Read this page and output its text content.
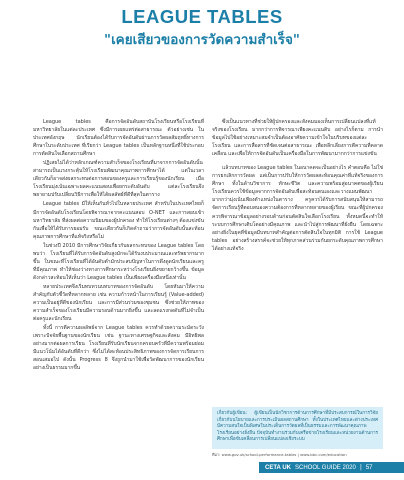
LEAGUE TABLES
"เคยเสียวของการวัดความสำเร็จ"

League tables คือการจัดอันดับสถาบันโรงเรียนหรือโรงเรียนที่มหาวิทยาลัยในแต่ละประเทศ ซึ่งมีการเผยแพร่ต่อสาธารณะ ตัวอย่างเช่น ในประเทศอังกฤษ นักเรียนต้องได้รับการจัดอันดับผ่านการวัดผลสัมฤทธิ์ทางการศึกษาในระดับประเทศ ที่เรียกว่า League tables เป็นหลักฐานหนึ่งที่ใช้ประกอบการตัดสินใจเลือกสถานศึกษา

ปฏิเสธไม่ได้ว่าหลักเกณฑ์ความสำเร็จของโรงเรียนที่มาจากการจัดอันดับนั้นสามารถเป็นแรงกระตุ้นให้โรงเรียนพัฒนาคุณภาพการศึกษาได้ แต่ในเวลาเดียวกันก็อาจส่งผลกระทบต่อการสอนของครูและการเรียนรู้ของนักเรียน เมื่อโรงเรียนมุ่งเน้นเฉพาะผลคะแนนสอบเพื่อยกระดับอันดับ แต่ละโรงเรียนจึงพยายามปรับเปลี่ยนวิธีการเพื่อให้ได้ผลลัพธ์ที่ดีที่สุดในตาราง

League tables มีให้เห็นกันทั่วไปในหลายประเทศ สำหรับในประเทศไทยก็มีการจัดอันดับโรงเรียนโดยพิจารณาจากคะแนนสอบ O-NET และการสอบเข้ามหาวิทยาลัย ที่ส่งผลต่อความนิยมของผู้ปกครอง ทำให้โรงเรียนต่างๆ ต้องแข่งขันกันเพื่อให้ได้รับการยอมรับ ขณะเดียวกันก็เกิดคำถามว่าการจัดอันดับนั้นสะท้อนคุณภาพการศึกษาที่แท้จริงหรือไม่

ในช่วงปี 2010 มีการศึกษาวิจัยเกี่ยวกับผลกระทบของ League tables โดยพบว่า โรงเรียนที่ได้รับการจัดอันดับสูงมักจะได้รับงบประมาณและทรัพยากรมากขึ้น ในขณะที่โรงเรียนที่ได้อันดับต่ำมักประสบปัญหาในการดึงดูดนักเรียนและครูที่มีคุณภาพ ทำให้ช่องว่างทางการศึกษาระหว่างโรงเรียนยิ่งขยายกว้างขึ้น ข้อมูลดังกล่าวสะท้อนให้เห็นว่า League tables เป็นเพียงเครื่องมือหนึ่งเท่านั้น

หลายประเทศจึงเริ่มทบทวนบทบาทของการจัดอันดับ โดยหันมาให้ความสำคัญกับตัวชี้วัดที่หลากหลาย เช่น ความก้าวหน้าในการเรียนรู้ (Value-added) ความเป็นอยู่ที่ดีของนักเรียน และการมีส่วนร่วมของชุมชน ซึ่งช่วยให้ภาพของความสำเร็จของโรงเรียนมีความรอบด้านมากยิ่งขึ้น และลดแรงกดดันที่ไม่จำเป็นต่อครูและนักเรียน

ทั้งนี้ การตีความผลลัพธ์จาก League tables ควรทำด้วยความระมัดระวัง เพราะปัจจัยพื้นฐานของนักเรียน เช่น ฐานะทางเศรษฐกิจและสังคม มีอิทธิพลอย่างมากต่อผลการเรียน โรงเรียนที่รับนักเรียนจากครอบครัวที่มีความพร้อมย่อมมีแนวโน้มได้อันดับที่ดีกว่า ซึ่งไม่ได้สะท้อนประสิทธิภาพของการจัดการเรียนการสอนเสมอไป ดังนั้น Progress 8 จึงถูกนำมาใช้เพื่อวัดพัฒนาการของนักเรียนอย่างเป็นธรรมมากขึ้น

ซึ่งเป็นแนวทางที่ช่วยให้ผู้ปกครองและสังคมมองเห็นการเปลี่ยนแปลงที่แท้จริงของโรงเรียน มากกว่าการพิจารณาเพียงคะแนนดิบ อย่างไรก็ตาม การนำข้อมูลไปใช้อย่างเหมาะสมจำเป็นต้องอาศัยความเข้าใจในบริบทของแต่ละโรงเรียน และการสื่อสารที่ชัดเจนต่อสาธารณะ เพื่อหลีกเลี่ยงการตีความที่คลาดเคลื่อน และเพื่อให้การจัดอันดับเป็นเครื่องมือในการพัฒนามากกว่าการแข่งขัน

แล้วบทบาทของ League tables ในอนาคตจะเป็นอย่างไร คำตอบคือ ไม่ใช่การยกเลิกการวัดผล แต่เป็นการปรับให้การวัดผลสะท้อนคุณค่าที่แท้จริงของการศึกษา ทั้งในด้านวิชาการ ทักษะชีวิต และความพร้อมสู่อนาคตของผู้เรียน โรงเรียนควรใช้ข้อมูลจากการจัดอันดับเพื่อสะท้อนตนเองและวางแผนพัฒนา มากกว่ามุ่งเน้นเพียงตำแหน่งในตาราง ครูควรได้รับการสนับสนุนให้สามารถจัดการเรียนรู้ที่ตอบสนองความต้องการที่หลากหลายของผู้เรียน ขณะที่ผู้ปกครองควรพิจารณาข้อมูลอย่างรอบด้านก่อนตัดสินใจเลือกโรงเรียน ทั้งหมดนี้จะทำให้ระบบการศึกษาเติบโตอย่างมีคุณภาพ และนำไปสู่การพัฒนาที่ยั่งยืน โดยเฉพาะอย่างยิ่งในยุคที่ข้อมูลมีบทบาทสำคัญต่อการตัดสินใจในทุกมิติ การใช้ League tables อย่างสร้างสรรค์จะช่วยให้ทุกภาคส่วนร่วมกันยกระดับคุณภาพการศึกษาได้อย่างแท้จริง

เกี่ยวกับผู้เขียน: ผู้เขียนเป็นนักวิชาการด้านการศึกษาที่มีประสบการณ์ในการวิจัยเกี่ยวกับนโยบายและการประเมินผลสถานศึกษา ทั้งในประเทศไทยและต่างประเทศ มีความสนใจเป็นพิเศษในประเด็นการวัดผลที่เป็นธรรมและการพัฒนาคุณภาพโรงเรียนอย่างยั่งยืน ปัจจุบันทำงานร่วมกับเครือข่ายโรงเรียนและหน่วยงานด้านการศึกษาเพื่อขับเคลื่อนการเปลี่ยนแปลงเชิงระบบ
ที่มา: www.gov.uk/school-performance-tables | www.bbc.com/education
CETA UK SCHOOL GUIDE 2020 | 57
